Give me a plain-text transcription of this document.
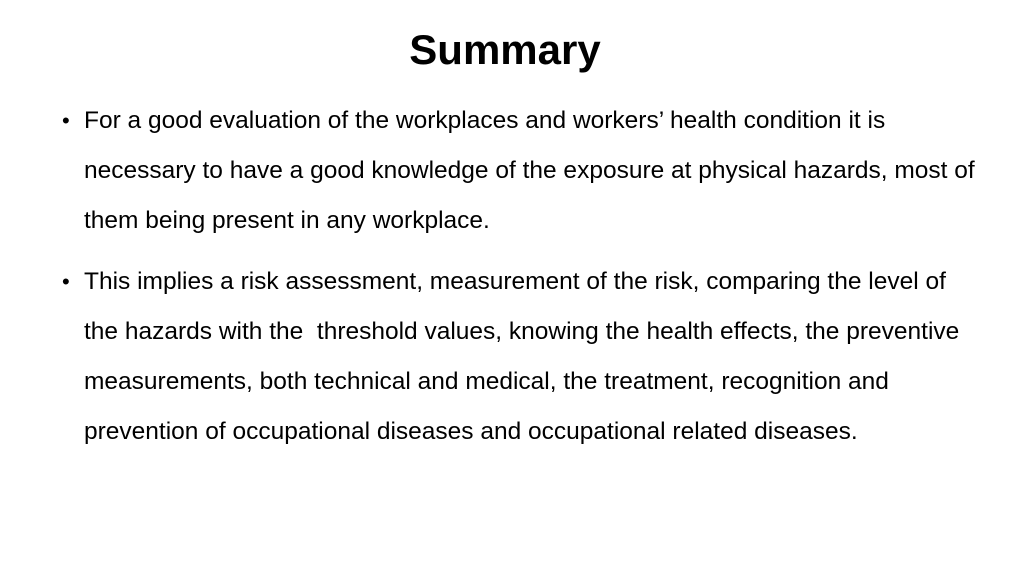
Summary
• For a good evaluation of the workplaces and workers’ health condition it is necessary to have a good knowledge of the exposure at physical hazards, most of them being present in any workplace.
• This implies a risk assessment, measurement of the risk, comparing the level of the hazards with the  threshold values, knowing the health effects, the preventive measurements, both technical and medical, the treatment, recognition and prevention of occupational diseases and occupational related diseases.
